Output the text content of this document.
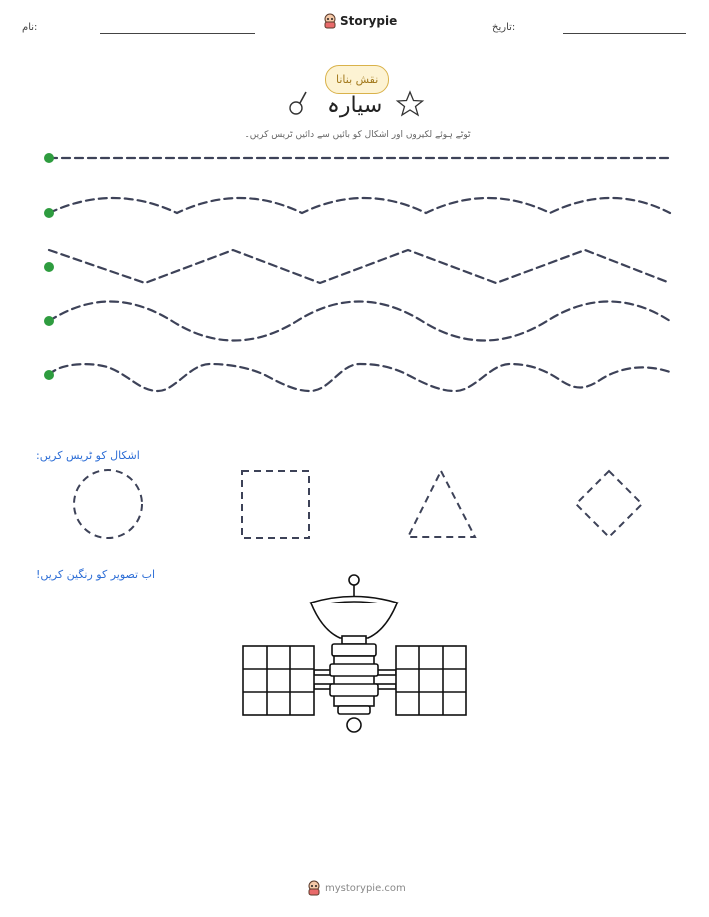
نام:	Storypie	تاریخ:
نقش بنانا
سیارہ
ٹوٹے ہوئے لکیروں اور اشکال کو بائیں سے دائیں ٹریس کریں۔
اشکال کو ٹریس کریں:
اب تصویر کو رنگین کریں!
mystorypie.com
